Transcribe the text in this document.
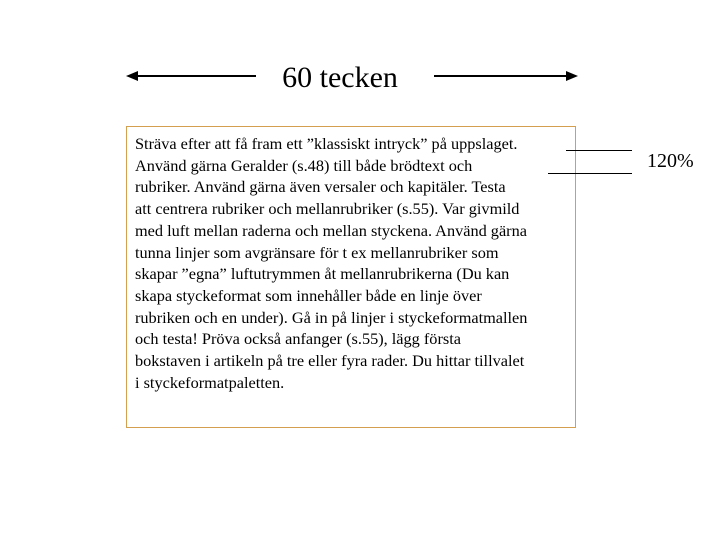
60 tecken
Sträva efter att få fram ett ”klassiskt intryck” på uppslaget.
Använd gärna Geralder (s.48) till både brödtext och
rubriker. Använd gärna även versaler och kapitäler. Testa
att centrera rubriker och mellanrubriker (s.55). Var givmild
med luft mellan raderna och mellan styckena. Använd gärna
tunna linjer som avgränsare för t ex mellanrubriker som
skapar ”egna” luftutrymmen åt mellanrubrikerna (Du kan
skapa styckeformat som innehåller både en linje över
rubriken och en under). Gå in på linjer i styckeformatmallen
och testa! Pröva också anfanger (s.55), lägg första
bokstaven i artikeln på tre eller fyra rader. Du hittar tillvalet
i styckeformatpaletten.
120%
